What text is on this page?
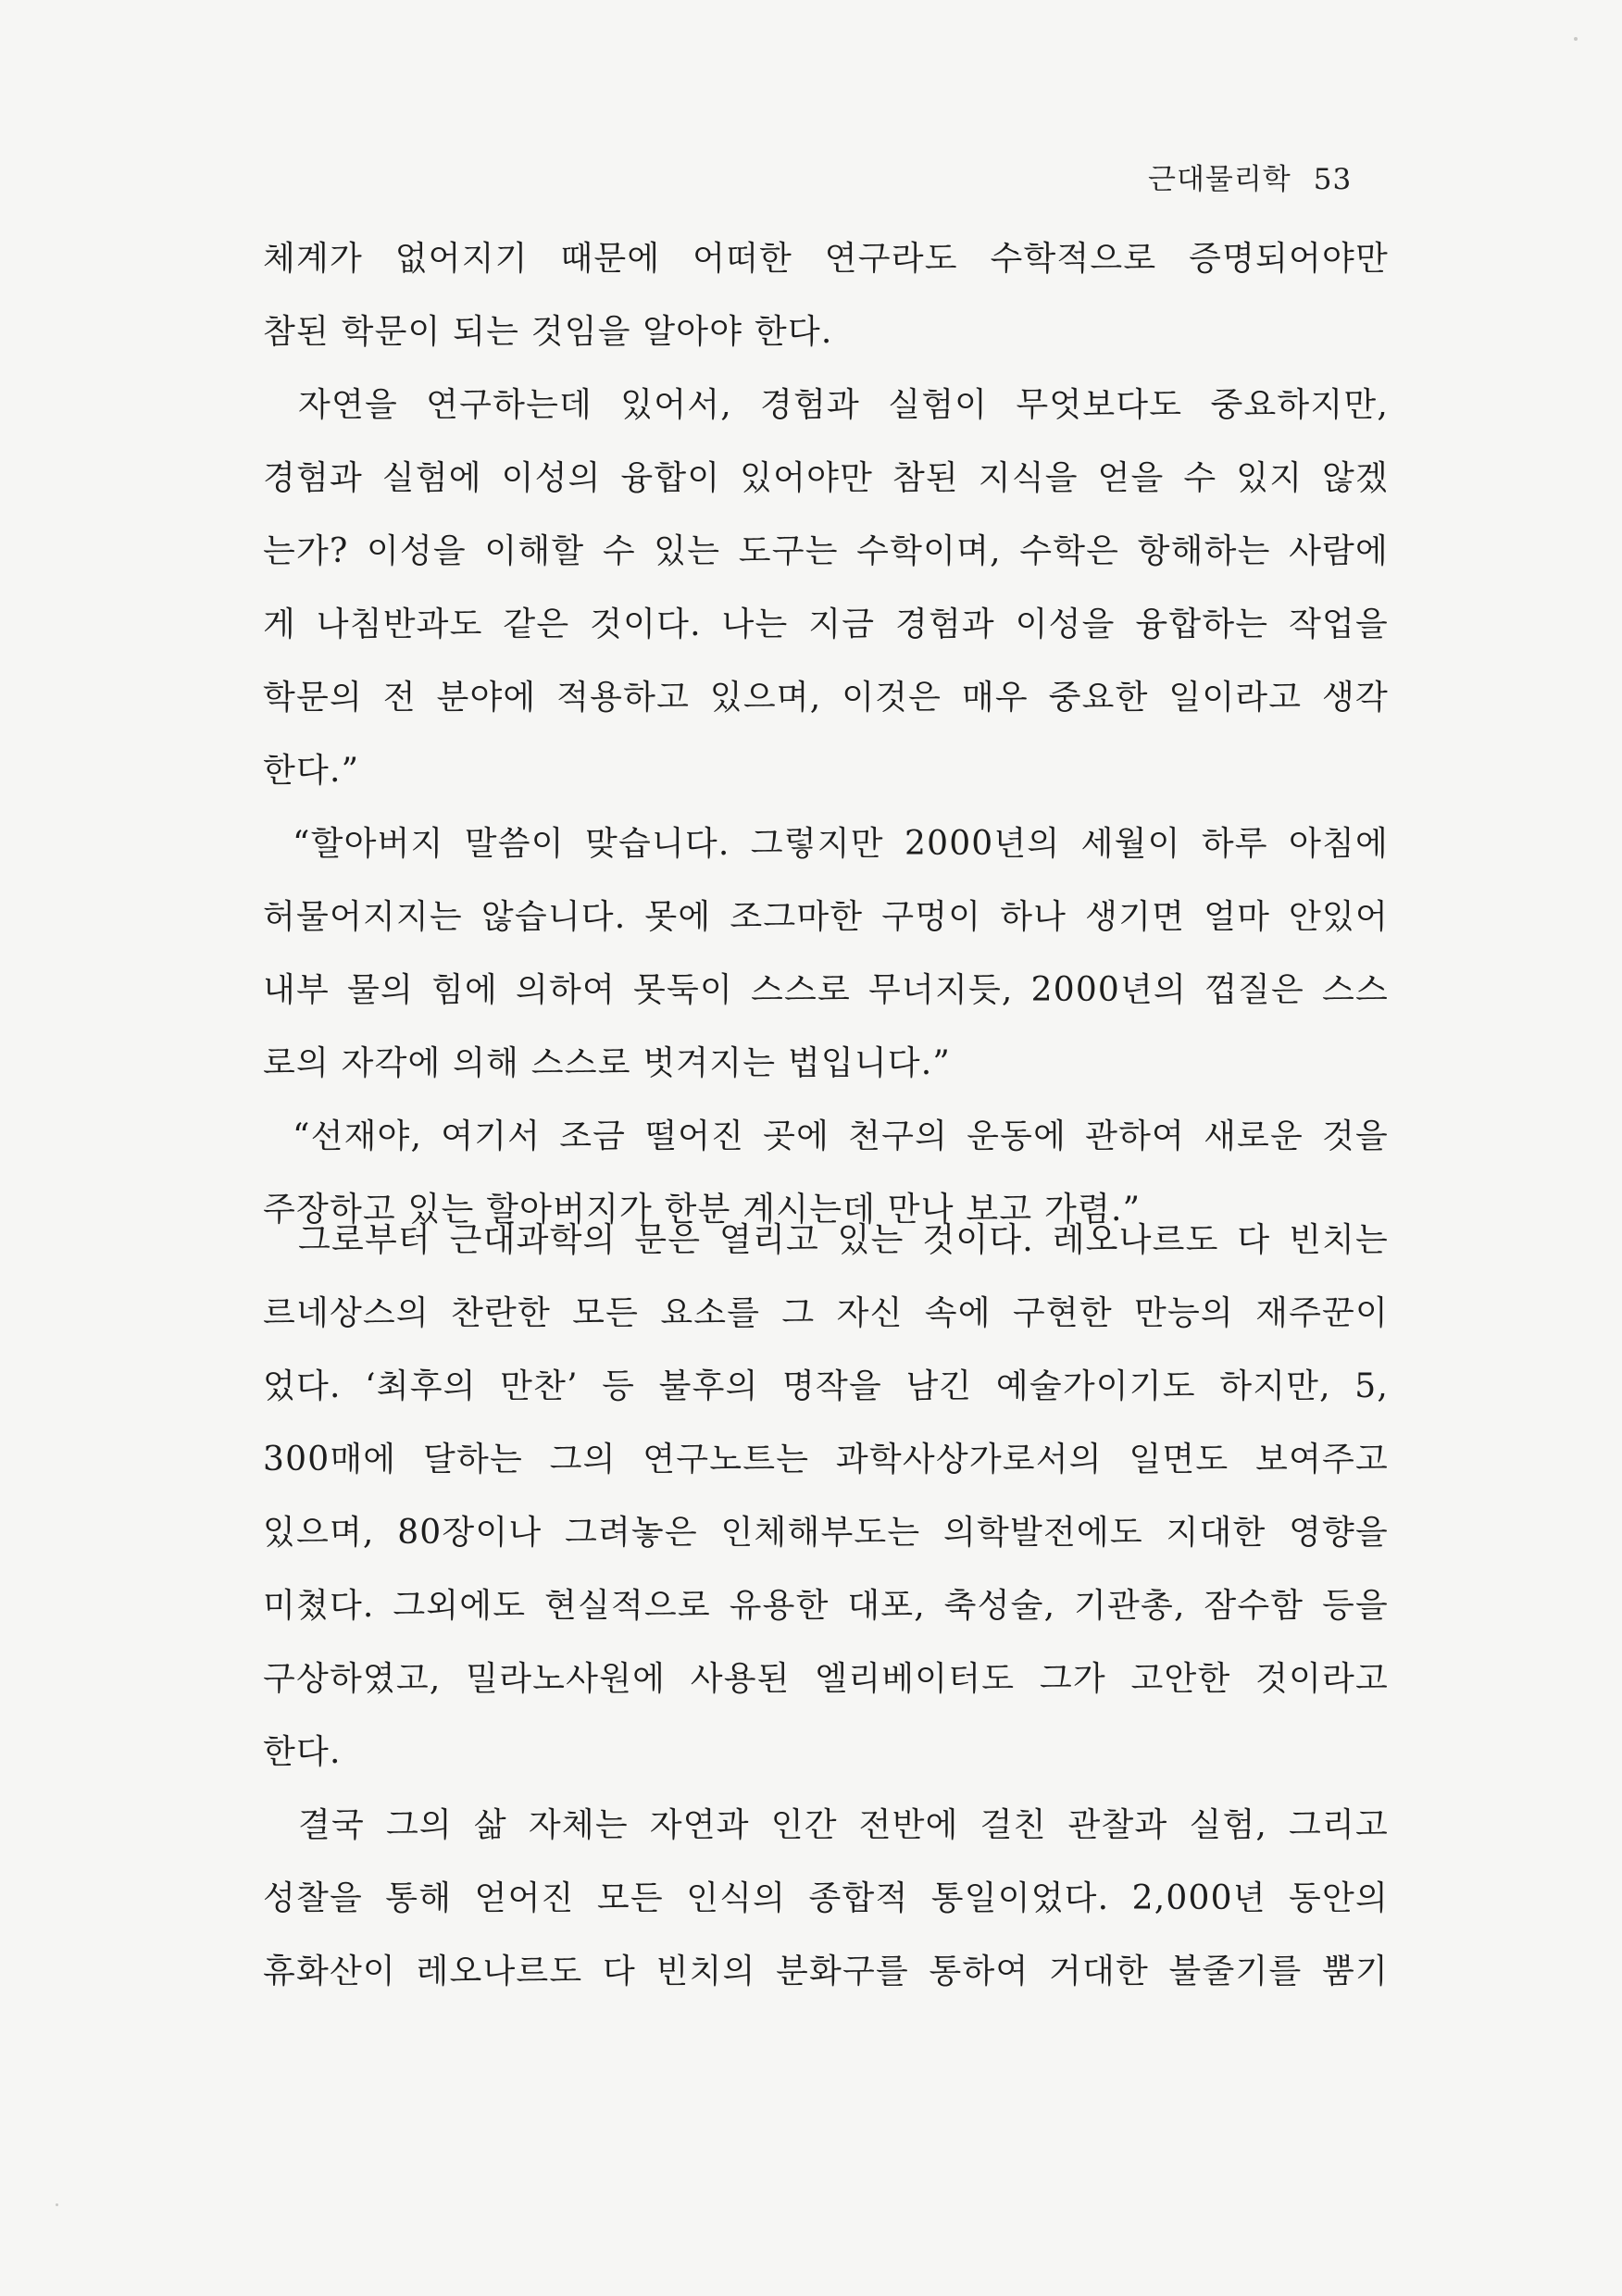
근대물리학 53
체계가 없어지기 때문에 어떠한 연구라도 수학적으로 증명되어야만
참된 학문이 되는 것임을 알아야 한다.
자연을 연구하는데 있어서, 경험과 실험이 무엇보다도 중요하지만,
경험과 실험에 이성의 융합이 있어야만 참된 지식을 얻을 수 있지 않겠
는가? 이성을 이해할 수 있는 도구는 수학이며, 수학은 항해하는 사람에
게 나침반과도 같은 것이다. 나는 지금 경험과 이성을 융합하는 작업을
학문의 전 분야에 적용하고 있으며, 이것은 매우 중요한 일이라고 생각
한다.”
“할아버지 말씀이 맞습니다. 그렇지만 2000년의 세월이 하루 아침에
허물어지지는 않습니다. 못에 조그마한 구멍이 하나 생기면 얼마 안있어
내부 물의 힘에 의하여 못둑이 스스로 무너지듯, 2000년의 껍질은 스스
로의 자각에 의해 스스로 벗겨지는 법입니다.”
“선재야, 여기서 조금 떨어진 곳에 천구의 운동에 관하여 새로운 것을
주장하고 있는 할아버지가 한분 계시는데 만나 보고 가렴.”
그로부터 근대과학의 문은 열리고 있는 것이다. 레오나르도 다 빈치는
르네상스의 찬란한 모든 요소를 그 자신 속에 구현한 만능의 재주꾼이
었다. ‘최후의 만찬’ 등 불후의 명작을 남긴 예술가이기도 하지만, 5,
300매에 달하는 그의 연구노트는 과학사상가로서의 일면도 보여주고
있으며, 80장이나 그려놓은 인체해부도는 의학발전에도 지대한 영향을
미쳤다. 그외에도 현실적으로 유용한 대포, 축성술, 기관총, 잠수함 등을
구상하였고, 밀라노사원에 사용된 엘리베이터도 그가 고안한 것이라고
한다.
결국 그의 삶 자체는 자연과 인간 전반에 걸친 관찰과 실험, 그리고
성찰을 통해 얻어진 모든 인식의 종합적 통일이었다. 2,000년 동안의
휴화산이 레오나르도 다 빈치의 분화구를 통하여 거대한 불줄기를 뿜기
